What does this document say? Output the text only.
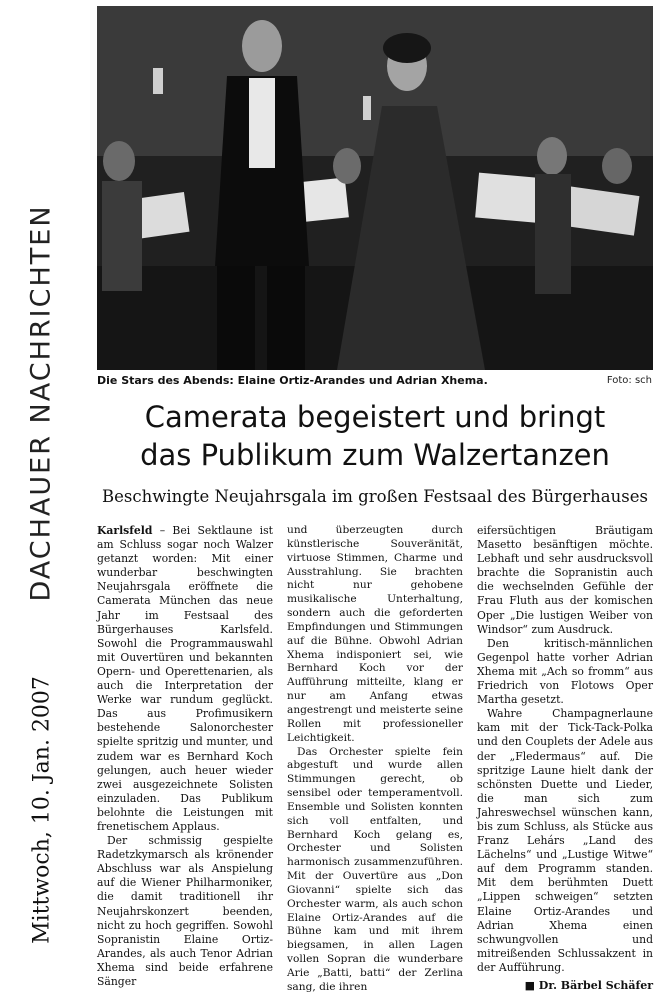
DACHAUER NACHRICHTEN
Mittwoch, 10. Jan. 2007
Die Stars des Abends: Elaine Ortiz-Arandes und Adrian Xhema.	Foto: sch
Camerata begeistert und bringt
das Publikum zum Walzertanzen
Beschwingte Neujahrsgala im großen Festsaal des Bürgerhauses

Karlsfeld – Bei Sektlaune ist am Schluss sogar noch Walzer getanzt worden: Mit einer wunderbar beschwingten Neujahrsgala eröffnete die Camerata München das neue Jahr im Festsaal des Bürgerhauses Karlsfeld. Sowohl die Programmauswahl mit Ouvertüren und bekannten Opern- und Operettenarien, als auch die Interpretation der Werke war rundum geglückt. Das aus Profimusikern bestehende Salonorchester spielte spritzig und munter, und zudem war es Bernhard Koch gelungen, auch heuer wieder zwei ausgezeichnete Solisten einzuladen. Das Publikum belohnte die Leistungen mit frenetischem Applaus.

Der schmissig gespielte Radetzkymarsch als krönender Abschluss war als Anspielung auf die Wiener Philharmoniker, die damit traditionell ihr Neujahrskonzert beenden, nicht zu hoch gegriffen. Sowohl Sopranistin Elaine Ortiz-Arandes, als auch Tenor Adrian Xhema sind beide erfahrene Sänger

und überzeugten durch künstlerische Souveränität, virtuose Stimmen, Charme und Ausstrahlung. Sie brachten nicht nur gehobene musikalische Unterhaltung, sondern auch die geforderten Empfindungen und Stimmungen auf die Bühne. Obwohl Adrian Xhema indisponiert sei, wie Bernhard Koch vor der Aufführung mitteilte, klang er nur am Anfang etwas angestrengt und meisterte seine Rollen mit professioneller Leichtigkeit.

Das Orchester spielte fein abgestuft und wurde allen Stimmungen gerecht, ob sensibel oder temperamentvoll. Ensemble und Solisten konnten sich voll entfalten, und Bernhard Koch gelang es, Orchester und Solisten harmonisch zusammenzuführen. Mit der Ouvertüre aus „Don Giovanni“ spielte sich das Orchester warm, als auch schon Elaine Ortiz-Arandes auf die Bühne kam und mit ihrem biegsamen, in allen Lagen vollen Sopran die wunderbare Arie „Batti, batti“ der Zerlina sang, die ihren

eifersüchtigen Bräutigam Masetto besänftigen möchte. Lebhaft und sehr ausdrucksvoll brachte die Sopranistin auch die wechselnden Gefühle der Frau Fluth aus der komischen Oper „Die lustigen Weiber von Windsor“ zum Ausdruck.

Den kritisch-männlichen Gegenpol hatte vorher Adrian Xhema mit „Ach so fromm“ aus Friedrich von Flotows Oper Martha gesetzt.

Wahre Champagnerlaune kam mit der Tick-Tack-Polka und den Couplets der Adele aus der „Fledermaus“ auf. Die spritzige Laune hielt dank der schönsten Duette und Lieder, die man sich zum Jahreswechsel wünschen kann, bis zum Schluss, als Stücke aus Franz Lehárs „Land des Lächelns“ und „Lustige Witwe“ auf dem Programm standen. Mit dem berühmten Duett „Lippen schweigen“ setzten Elaine Ortiz-Arandes und Adrian Xhema einen schwungvollen und mitreißenden Schlussakzent in der Aufführung.

■ Dr. Bärbel Schäfer
